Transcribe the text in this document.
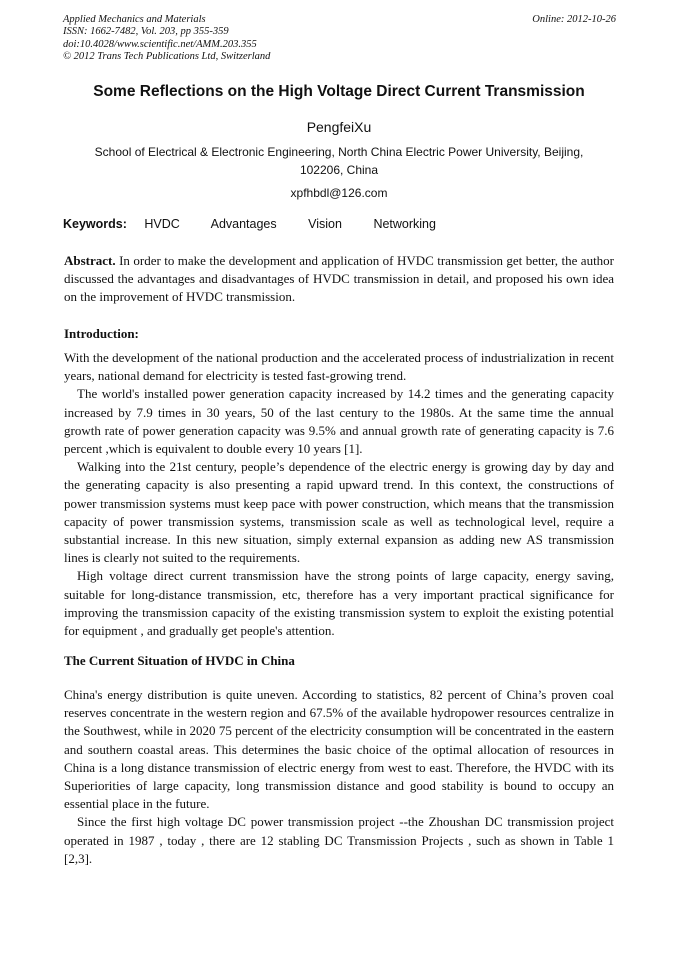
Applied Mechanics and Materials
ISSN: 1662-7482, Vol. 203, pp 355-359
doi:10.4028/www.scientific.net/AMM.203.355
© 2012 Trans Tech Publications Ltd, Switzerland
Online: 2012-10-26
Some Reflections on the High Voltage Direct Current Transmission
PengfeiXu
School of Electrical & Electronic Engineering, North China Electric Power University, Beijing, 102206, China
xpfhbdl@126.com
Keywords: HVDC Advantages	Vision	Networking

Abstract. In order to make the development and application of HVDC transmission get better, the author discussed the advantages and disadvantages of HVDC transmission in detail, and proposed his own idea on the improvement of HVDC transmission.

Introduction:

With the development of the national production and the accelerated process of industrialization in recent years, national demand for electricity is tested fast-growing trend.

The world's installed power generation capacity increased by 14.2 times and the generating capacity increased by 7.9 times in 30 years, 50 of the last century to the 1980s. At the same time the annual growth rate of power generation capacity was 9.5% and annual growth rate of generating capacity is 7.6 percent ,which is equivalent to double every 10 years [1].

Walking into the 21st century, people’s dependence of the electric energy is growing day by day and the generating capacity is also presenting a rapid upward trend. In this context, the constructions of power transmission systems must keep pace with power construction, which means that the transmission capacity of power transmission systems, transmission scale as well as technological level, require a substantial increase. In this new situation, simply external expansion as adding new AS transmission lines is clearly not suited to the requirements.

High voltage direct current transmission have the strong points of large capacity, energy saving, suitable for long-distance transmission, etc, therefore has a very important practical significance for improving the transmission capacity of the existing transmission system to exploit the existing potential for equipment , and gradually get people's attention.

The Current Situation of HVDC in China

China's energy distribution is quite uneven. According to statistics, 82 percent of China’s proven coal reserves concentrate in the western region and 67.5% of the available hydropower resources centralize in the Southwest, while in 2020 75 percent of the electricity consumption will be concentrated in the eastern and southern coastal areas. This determines the basic choice of the optimal allocation of resources in China is a long distance transmission of electric energy from west to east. Therefore, the HVDC with its Superiorities of large capacity, long transmission distance and good stability is bound to occupy an essential place in the future.

Since the first high voltage DC power transmission project --the Zhoushan DC transmission project operated in 1987 , today , there are 12 stabling DC Transmission Projects , such as shown in Table 1 [2,3].
